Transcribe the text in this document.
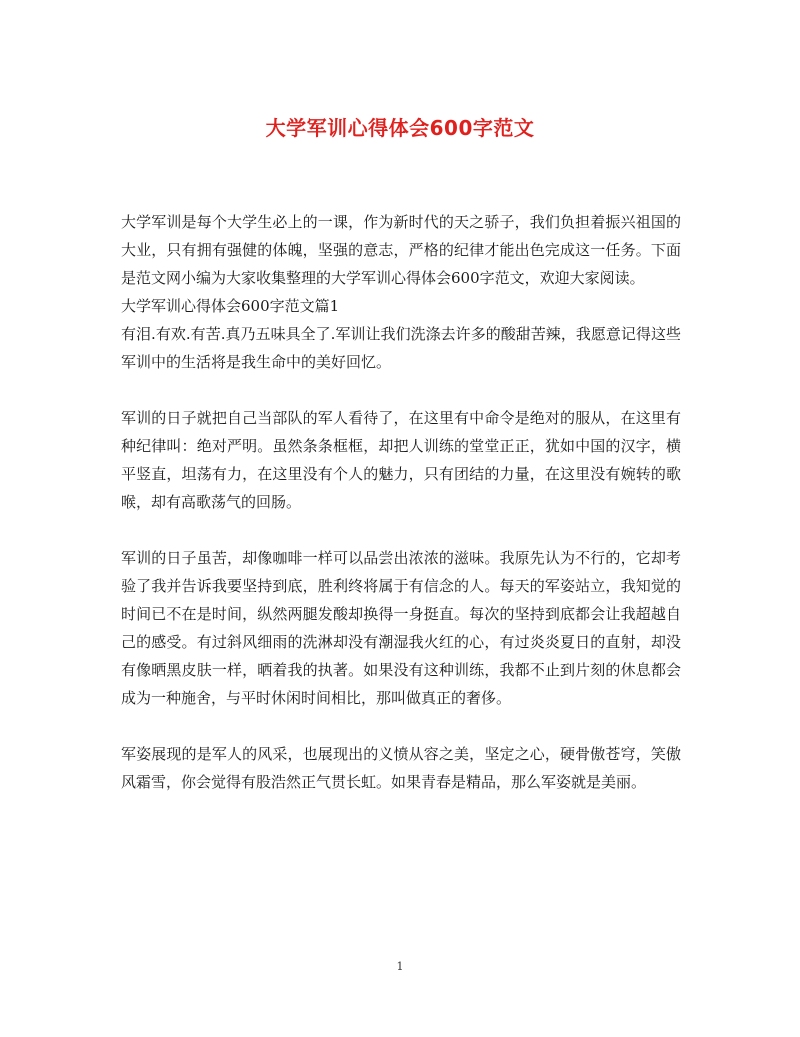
大学军训心得体会600字范文

大学军训是每个大学生必上的一课，作为新时代的天之骄子，我们负担着振兴祖国的大业，只有拥有强健的体魄，坚强的意志，严格的纪律才能出色完成这一任务。下面是范文网小编为大家收集整理的大学军训心得体会600字范文，欢迎大家阅读。

大学军训心得体会600字范文篇1

有泪.有欢.有苦.真乃五味具全了.军训让我们洗涤去许多的酸甜苦辣，我愿意记得这些军训中的生活将是我生命中的美好回忆。

军训的日子就把自己当部队的军人看待了，在这里有中命令是绝对的服从，在这里有种纪律叫：绝对严明。虽然条条框框，却把人训练的堂堂正正，犹如中国的汉字，横平竖直，坦荡有力，在这里没有个人的魅力，只有团结的力量，在这里没有婉转的歌喉，却有高歌荡气的回肠。

军训的日子虽苦，却像咖啡一样可以品尝出浓浓的滋味。我原先认为不行的，它却考验了我并告诉我要坚持到底，胜利终将属于有信念的人。每天的军姿站立，我知觉的时间已不在是时间，纵然两腿发酸却换得一身挺直。每次的坚持到底都会让我超越自己的感受。有过斜风细雨的洗淋却没有潮湿我火红的心，有过炎炎夏日的直射，却没有像晒黑皮肤一样，晒着我的执著。如果没有这种训练，我都不止到片刻的休息都会成为一种施舍，与平时休闲时间相比，那叫做真正的奢侈。

军姿展现的是军人的风采，也展现出的义愤从容之美，坚定之心，硬骨傲苍穹，笑傲风霜雪，你会觉得有股浩然正气贯长虹。如果青春是精品，那么军姿就是美丽。

1
